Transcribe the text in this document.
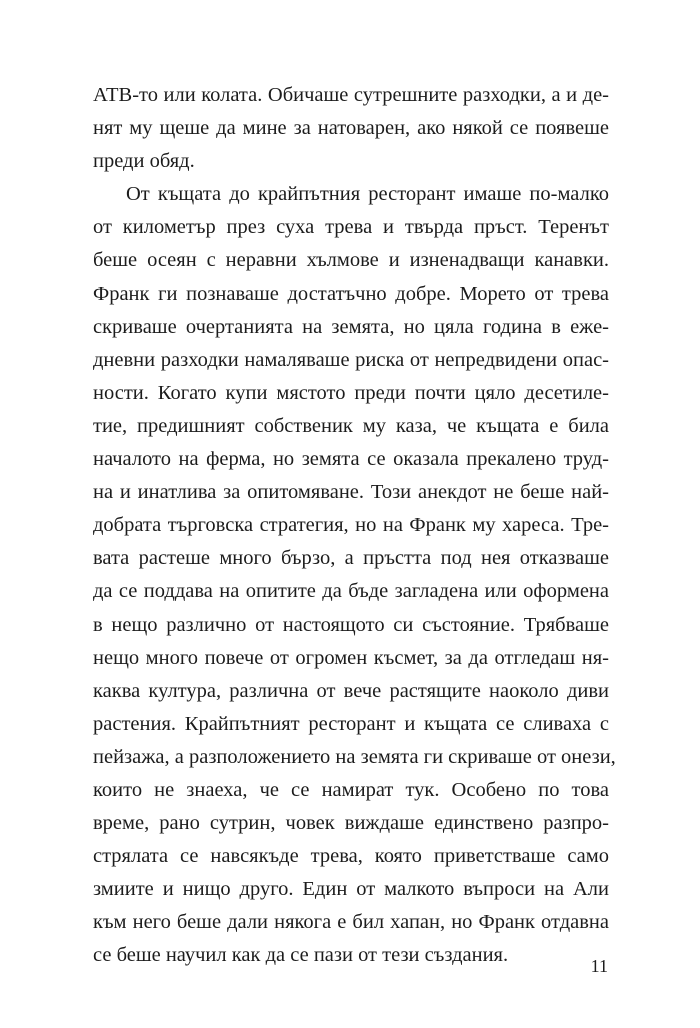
АТВ-то или колата. Обичаше сутрешните разходки, а и де-
нят му щеше да мине за натоварен, ако някой се появеше
преди обяд.
От къщата до крайпътния ресторант имаше по-малко
от километър през суха трева и твърда пръст. Теренът
беше осеян с неравни хълмове и изненадващи канавки.
Франк ги познаваше достатъчно добре. Морето от трева
скриваше очертанията на земята, но цяла година в еже-
дневни разходки намаляваше риска от непредвидени опас-
ности. Когато купи мястото преди почти цяло десетиле-
тие, предишният собственик му каза, че къщата е била
началото на ферма, но земята се оказала прекалено труд-
на и инатлива за опитомяване. Този анекдот не беше най-
добрата търговска стратегия, но на Франк му хареса. Тре-
вата растеше много бързо, а пръстта под нея отказваше
да се поддава на опитите да бъде загладена или оформена
в нещо различно от настоящото си състояние. Трябваше
нещо много повече от огромен късмет, за да отгледаш ня-
каква култура, различна от вече растящите наоколо диви
растения. Крайпътният ресторант и къщата се сливаха с
пейзажа, а разположението на земята ги скриваше от онези,
които не знаеха, че се намират тук. Особено по това
време, рано сутрин, човек виждаше единствено разпро-
стрялата се навсякъде трева, която приветстваше само
змиите и нищо друго. Един от малкото въпроси на Али
към него беше дали някога е бил хапан, но Франк отдавна
се беше научил как да се пази от тези създания.	11
